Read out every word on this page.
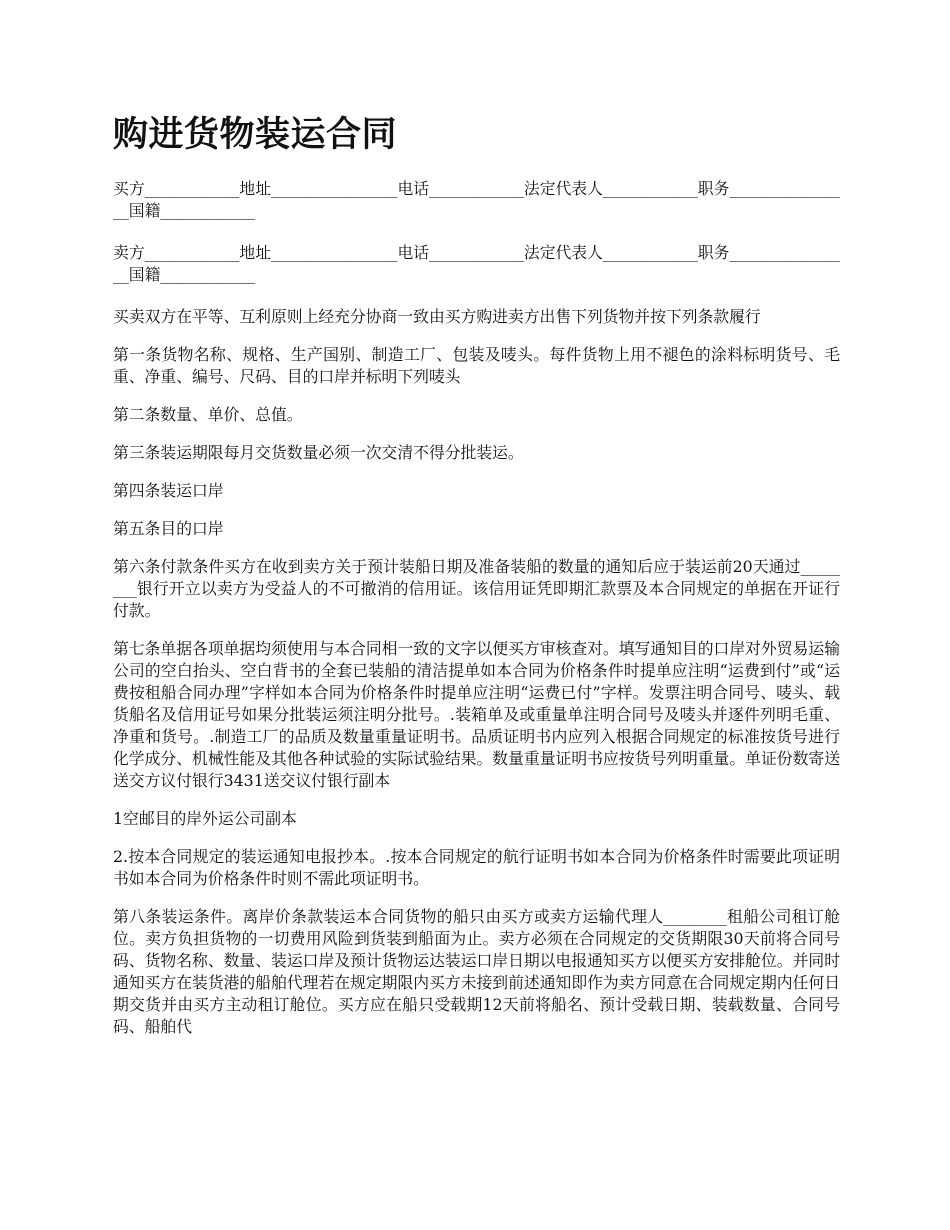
购进货物装运合同

买方____________地址________________电话____________法定代表人____________职务________________国籍____________

卖方____________地址________________电话____________法定代表人____________职务________________国籍____________

买卖双方在平等、互利原则上经充分协商一致由买方购进卖方出售下列货物并按下列条款履行

第一条货物名称、规格、生产国别、制造工厂、包装及唛头。每件货物上用不褪色的涂料标明货号、毛重、净重、编号、尺码、目的口岸并标明下列唛头

第二条数量、单价、总值。

第三条装运期限每月交货数量必须一次交清不得分批装运。

第四条装运口岸

第五条目的口岸

第六条付款条件买方在收到卖方关于预计装船日期及准备装船的数量的通知后应于装运前20天通过________银行开立以卖方为受益人的不可撤消的信用证。该信用证凭即期汇款票及本合同规定的单据在开证行付款。

第七条单据各项单据均须使用与本合同相一致的文字以便买方审核查对。填写通知目的口岸对外贸易运输公司的空白抬头、空白背书的全套已装船的清洁提单如本合同为价格条件时提单应注明“运费到付”或“运费按租船合同办理”字样如本合同为价格条件时提单应注明“运费已付”字样。发票注明合同号、唛头、载货船名及信用证号如果分批装运须注明分批号。.装箱单及或重量单注明合同号及唛头并逐件列明毛重、净重和货号。.制造工厂的品质及数量重量证明书。品质证明书内应列入根据合同规定的标准按货号进行化学成分、机械性能及其他各种试验的实际试验结果。数量重量证明书应按货号列明重量。单证份数寄送送交方议付银行3431送交议付银行副本

1空邮目的岸外运公司副本

2.按本合同规定的装运通知电报抄本。.按本合同规定的航行证明书如本合同为价格条件时需要此项证明书如本合同为价格条件时则不需此项证明书。

第八条装运条件。离岸价条款装运本合同货物的船只由买方或卖方运输代理人________租船公司租订舱位。卖方负担货物的一切费用风险到货装到船面为止。卖方必须在合同规定的交货期限30天前将合同号码、货物名称、数量、装运口岸及预计货物运达装运口岸日期以电报通知买方以便买方安排舱位。并同时通知买方在装货港的船舶代理若在规定期限内买方未接到前述通知即作为卖方同意在合同规定期内任何日期交货并由买方主动租订舱位。买方应在船只受载期12天前将船名、预计受载日期、装载数量、合同号码、船舶代
